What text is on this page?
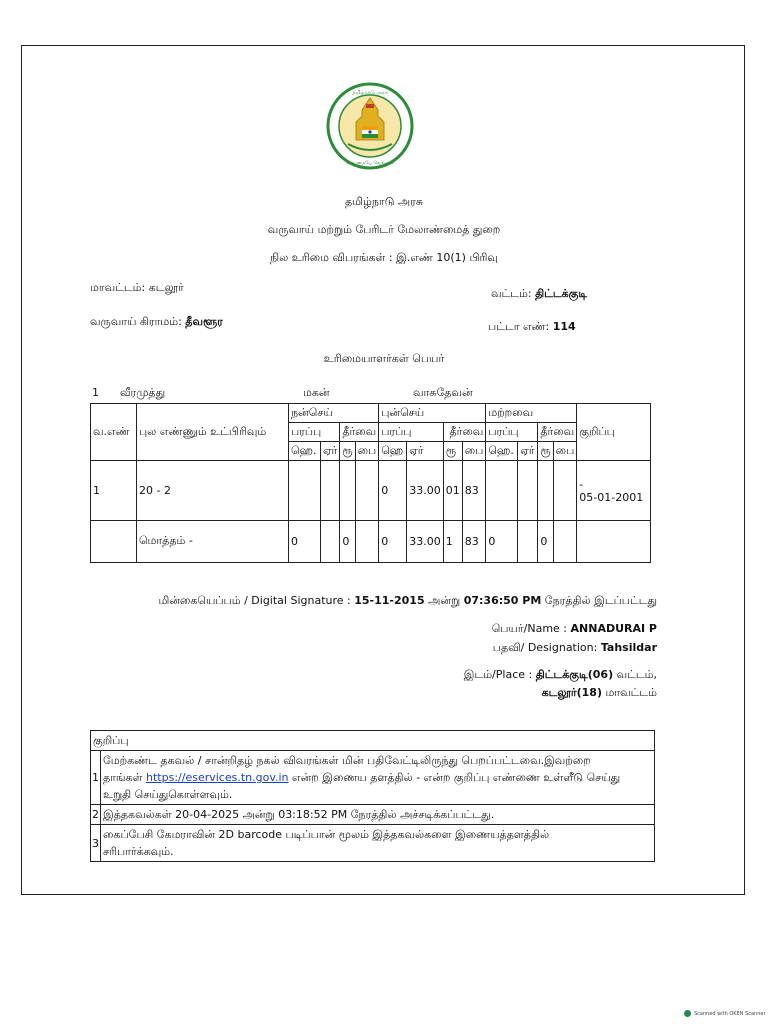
தமிழ்நாடு அரசு
வாய்மையே வெல்லும்
தமிழ்நாடு அரசு
வருவாய் மற்றும் பேரிடர் மேலாண்மைத் துறை
நில உரிமை விபரங்கள் : இ.எண் 10(1) பிரிவு
மாவட்டம்: கடலூர்	வட்டம்: திட்டக்குடி
வருவாய் கிராமம்: தீவளூர	பட்டா எண்: 114
உரிமையாளர்கள் பெயர்
1 வீரமுத்து	மகன்	வாசுதேவன்
வ.எண்	புல எண்ணும் உட்பிரிவும்	நன்செய்				புன்செய்				மற்றவை				குறிப்பு
		பரப்பு		தீர்வை		பரப்பு		தீர்வை		பரப்பு		தீர்வை		
		ஹெ.	ஏர்	ரூ	பை	ஹெ	ஏர்	ரூ	பை	ஹெ.	ஏர்	ரூ	பை	
1	20 - 2					0	33.00	01	83					-
05-01-2001

	மொத்தம் -	0		0		0	33.00	1	83	0		0		
மின்கையெப்பம் / Digital Signature : 15-11-2015 அன்று 07:36:50 PM நேரத்தில் இடப்பட்டது
பெயர்/Name : ANNADURAI P
பதவி/ Designation: Tahsildar
இடம்/Place : திட்டக்குடி(06) வட்டம்,
கடலூர்(18) மாவட்டம்
குறிப்பு	
1	மேற்கண்ட தகவல் / சான்றிதழ் நகல் விவரங்கள் மின் பதிவேட்டிலிருந்து பெறப்பட்டவை.இவற்றை
தாங்கள் https://eservices.tn.gov.in என்ற இணைய தளத்தில் - என்ற குறிப்பு எண்ணை உள்ளீடு செய்து
உறுதி செய்துகொள்ளவும்.

2	இத்தகவல்கள் 20-04-2025 அன்று 03:18:52 PM நேரத்தில் அச்சடிக்கப்பட்டது.
3	கைப்பேசி கேமராவின் 2D barcode படிப்பான் மூலம் இத்தகவல்களை இணையத்தளத்தில்
சரிபார்க்கவும்.
Scanned with OKEN Scanner
